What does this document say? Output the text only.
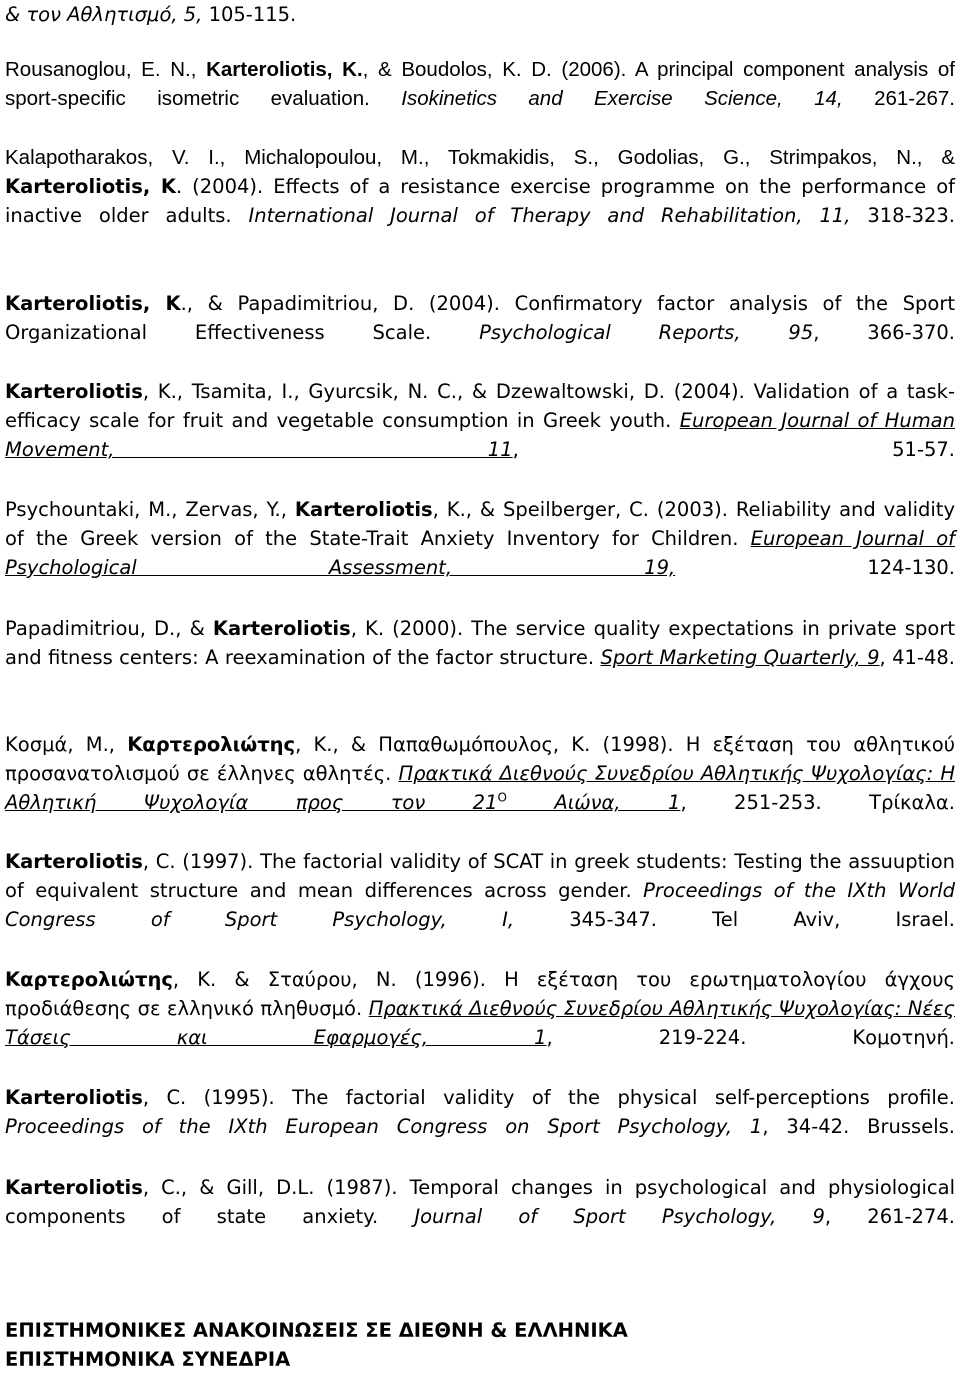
& τον Αθλητισμό, 5, 105-115.
Rousanoglou, E. N., Karteroliotis, K., & Boudolos, K. D. (2006). A principal component analysis of sport-specific isometric evaluation. Isokinetics and Exercise Science, 14, 261-267.
Kalapotharakos, V. I., Michalopoulou, M., Tokmakidis, S., Godolias, G., Strimpakos, N., & Karteroliotis, K. (2004). Effects of a resistance exercise programme on the performance of inactive older adults. International Journal of Therapy and Rehabilitation, 11, 318-323.
Karteroliotis, K., & Papadimitriou, D. (2004). Confirmatory factor analysis of the Sport Organizational Effectiveness Scale. Psychological Reports, 95, 366-370.
Karteroliotis, K., Tsamita, I., Gyurcsik, N. C., & Dzewaltowski, D. (2004). Validation of a task-efficacy scale for fruit and vegetable consumption in Greek youth. European Journal of Human Movement, 11, 51-57.
Psychountaki, M., Zervas, Y., Karteroliotis, K., & Speilberger, C. (2003). Reliability and validity of the Greek version of the State-Trait Anxiety Inventory for Children. European Journal of Psychological Assessment, 19, 124-130.
Papadimitriou, D., & Karteroliotis, K. (2000). The service quality expectations in private sport and fitness centers: A reexamination of the factor structure. Sport Marketing Quarterly, 9, 41-48.
Κοσμά, Μ., Καρτερολιώτης, Κ., & Παπαθωμόπουλος, Κ. (1998). Η εξέταση του αθλητικού προσανατολισμού σε έλληνες αθλητές. Πρακτικά Διεθνούς Συνεδρίου Αθλητικής Ψυχολογίας: Η Αθλητική Ψυχολογία προς τον $21^O$ Αιώνα, 1, 251-253. Τρίκαλα.
Karteroliotis, C. (1997). The factorial validity of SCAT in greek students: Testing the assuuption of equivalent structure and mean differences across gender. Proceedings of the IXth World Congress of Sport Psychology, I, 345-347. Tel Aviv, Israel.
Καρτερολιώτης, Κ. & Σταύρου, Ν. (1996). Η εξέταση του ερωτηματολογίου άγχους προδιάθεσης σε ελληνικό πληθυσμό. Πρακτικά Διεθνούς Συνεδρίου Αθλητικής Ψυχολογίας: Νέες Τάσεις και Εφαρμογές, 1, 219-224. Κομοτηνή.
Karteroliotis, C. (1995). The factorial validity of the physical self-perceptions profile. Proceedings of the IXth European Congress on Sport Psychology, 1, 34-42. Brussels.
Karteroliotis, C., & Gill, D.L. (1987). Temporal changes in psychological and physiological components of state anxiety. Journal of Sport Psychology, 9, 261-274.
ΕΠΙΣΤΗΜΟΝΙΚΕΣ ΑΝΑΚΟΙΝΩΣΕΙΣ ΣΕ ΔΙΕΘΝΗ & ΕΛΛΗΝΙΚΑ
ΕΠΙΣΤΗΜΟΝΙΚΑ ΣΥΝΕΔΡΙΑ
